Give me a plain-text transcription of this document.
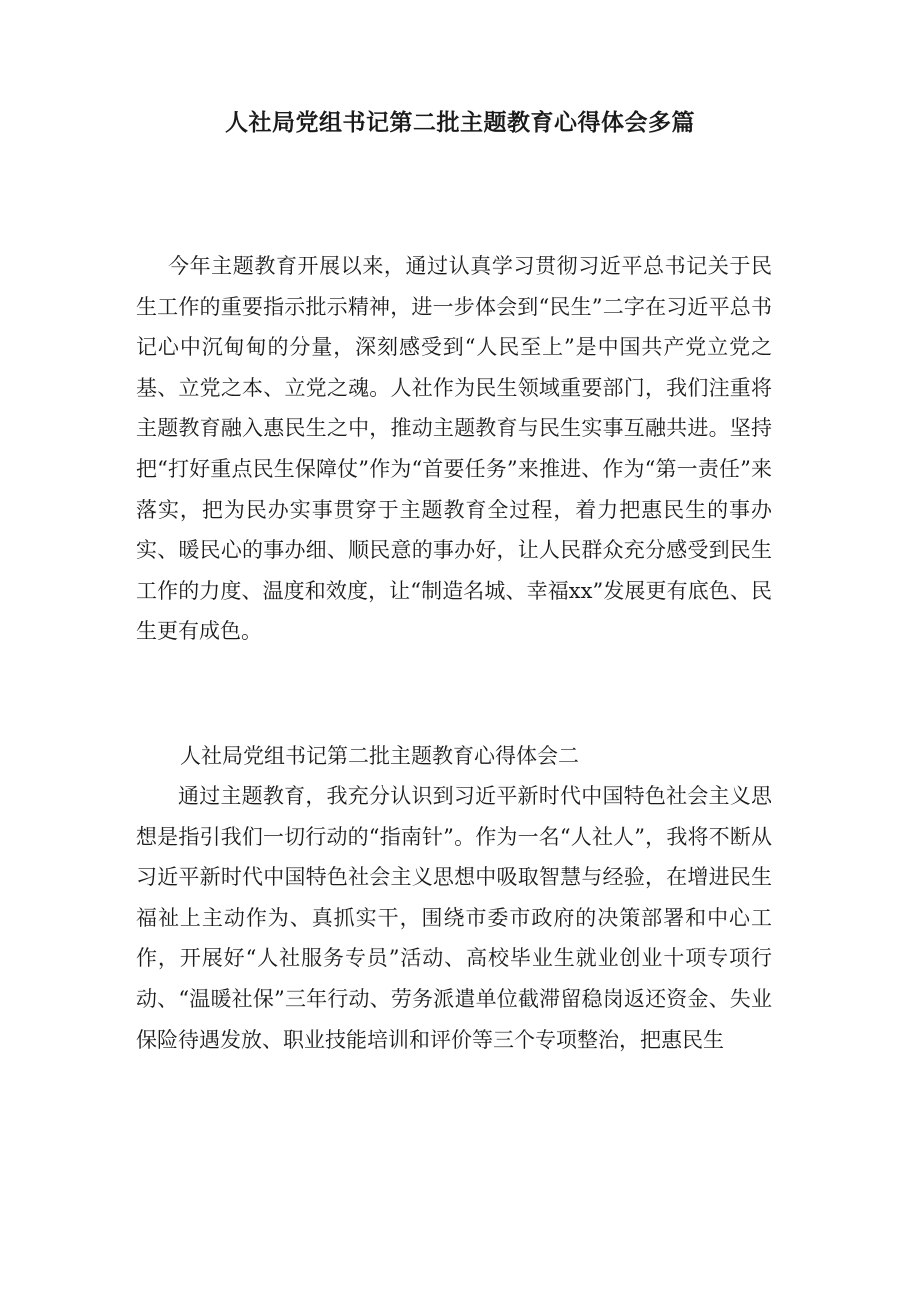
人社局党组书记第二批主题教育心得体会多篇

今年主题教育开展以来，通过认真学习贯彻习近平总书记关于民生工作的重要指示批示精神，进一步体会到“民生”二字在习近平总书记心中沉甸甸的分量，深刻感受到“人民至上”是中国共产党立党之基、立党之本、立党之魂。人社作为民生领域重要部门，我们注重将主题教育融入惠民生之中，推动主题教育与民生实事互融共进。坚持把“打好重点民生保障仗”作为“首要任务”来推进、作为“第一责任”来落实，把为民办实事贯穿于主题教育全过程，着力把惠民生的事办实、暖民心的事办细、顺民意的事办好，让人民群众充分感受到民生工作的力度、温度和效度，让“制造名城、幸福xx”发展更有底色、民生更有成色。

人社局党组书记第二批主题教育心得体会二

通过主题教育，我充分认识到习近平新时代中国特色社会主义思想是指引我们一切行动的“指南针”。作为一名“人社人”，我将不断从习近平新时代中国特色社会主义思想中吸取智慧与经验，在增进民生福祉上主动作为、真抓实干，围绕市委市政府的决策部署和中心工作，开展好“人社服务专员”活动、高校毕业生就业创业十项专项行动、“温暖社保”三年行动、劳务派遣单位截滞留稳岗返还资金、失业保险待遇发放、职业技能培训和评价等三个专项整治，把惠民生
